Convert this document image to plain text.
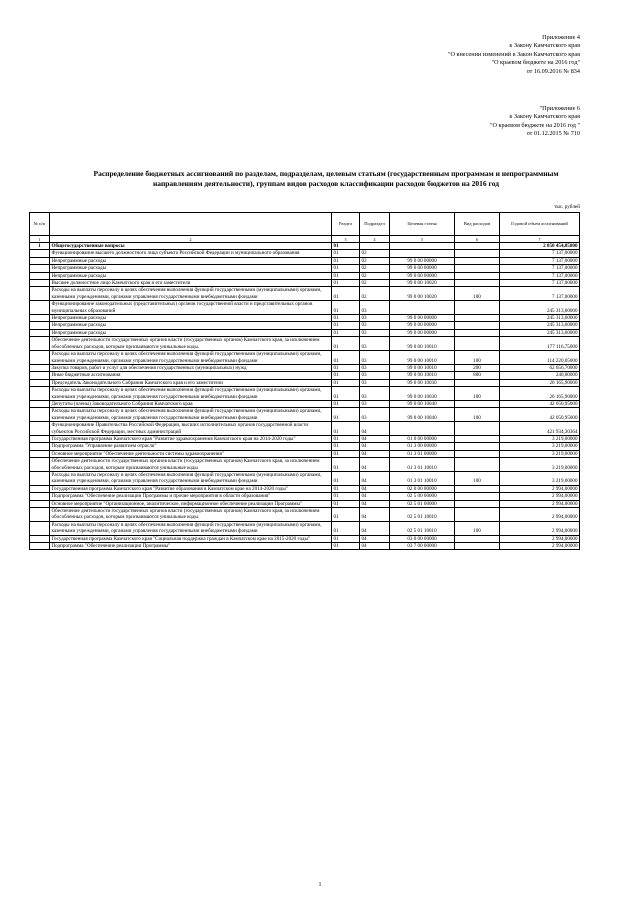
Приложение 4
к Закону Камчатского края
"О внесении изменений в Закон Камчатского края
"О краевом бюджете на 2016 год"
от 16.09.2016 № 834
"Приложение 6
к Закону Камчатского края
"О краевом бюджете на 2016 год "
от 01.12.2015 № 710
Распределение бюджетных ассигнований по разделам, подразделам, целевым статьям (государственным программам и непрограммным направлениям деятельности), группам видов расходов классификации расходов бюджетов на 2016 год
тыс. рублей
№ п/п		Раздел	Подраздел	Целевая статья	Вид расходов	Годовой объем ассигнований
1	2	3	4	5	6	7
1	Общегосударственные вопросы	01				2 050 454,85800
	Функционирование высшего должностного лица субъекта Российской Федерации и муниципального образования	01	02			7 137,00000
	Непрограммные расходы	01	02	99 0 00 00000		7 137,00000
	Непрограммные расходы	01	02	99 0 00 00000		7 137,00000
	Непрограммные расходы	01	02	99 0 00 00000		7 137,00000
	Высшее должностное лицо Камчатского края и его заместители	01	02	99 0 00 10020		7 137,00000
	Расходы на выплаты персоналу в целях обеспечения выполнения функций государственными (муниципальными) органами, казенными учреждениями, органами управления государственными внебюджетными фондами	01	02	99 0 00 10020	100	7 137,00000
	Функционирование законодательных (представительных) органов государственной власти и представительных органов муниципальных образований	01	03			245 313,60000
	Непрограммные расходы	01	03	99 0 00 00000		245 313,60000
	Непрограммные расходы	01	03	99 0 00 00000		245 313,60000
	Непрограммные расходы	01	03	99 0 00 00000		245 313,60000
	Обеспечение деятельности государственных органов власти (государственных органов) Камчатского края, за исключением обособленных расходов, которым присваиваются уникальные коды.	01	03	99 0 00 10010		177 116,75000
	Расходы на выплаты персоналу в целях обеспечения выполнения функций государственными (муниципальными) органами, казенными учреждениями, органами управления государственными внебюджетными фондами	01	03	99 0 00 10010	100	114 220,05000
	Закупка товаров, работ и услуг для обеспечения государственных (муниципальных) нужд	01	03	99 0 00 10010	200	62 656,70000
	Иные бюджетные ассигнования	01	03	99 0 00 10010	800	240,00000
	Председатель Законодательного Собрания Камчатского края и его заместители	01	03	99 0 00 10030		26 165,90000
	Расходы на выплаты персоналу в целях обеспечения выполнения функций государственными (муниципальными) органами, казенными учреждениями, органами управления государственными внебюджетными фондами	01	03	99 0 00 10030	100	26 165,90000
	Депутаты (члены) Законодательного Собрания Камчатского края	01	03	99 0 00 10040		42 050,95000
	Расходы на выплаты персоналу в целях обеспечения выполнения функций государственными (муниципальными) органами, казенными учреждениями, органами управления государственными внебюджетными фондами	01	03	99 0 00 10040	100	42 050,95000
	Функционирование Правительства Российской Федерации, высших исполнительных органов государственной власти субъектов Российской Федерации, местных администраций	01	04			421 934,30364
	Государственная программа Камчатского края "Развитие здравоохранения Камчатского края на 2014-2020 годы"	01	04	01 0 00 00000		3 219,00000
	Подпрограмма "Управление развитием отрасли"	01	04	01 3 00 00000		3 219,00000
	Основное мероприятие "Обеспечение деятельности системы здравоохранения"	01	04	01 3 01 00000		3 219,00000
	Обеспечение деятельности государственных органов власти (государственных органов) Камчатского края, за исключением обособленных расходов, которым присваиваются уникальные коды	01	04	01 3 01 10010		3 219,00000
	Расходы на выплаты персоналу в целях обеспечения выполнения функций государственными (муниципальными) органами, казенными учреждениями, органами управления государственными внебюджетными фондами	01	04	01 3 01 10010	100	3 219,00000
	Государственная программа Камчатского края "Развитие образования в Камчатском крае на 2014-2020 годы"	01	04	02 0 00 00000		2 994,00000
	Подпрограмма "Обеспечение реализации Программы и прочие мероприятия в области образования"	01	04	02 5 00 00000		2 994,00000
	Основное мероприятие "Организационное, аналитическое, информационное обеспечение реализации Программы"	01	04	02 5 01 00000		2 994,00000
	Обеспечение деятельности государственных органов власти (государственных органов) Камчатского края, за исключением обособленных расходов, которым присваиваются уникальные коды.	01	04	02 5 01 10010		2 994,00000
	Расходы на выплаты персоналу в целях обеспечения выполнения функций государственными (муниципальными) органами, казенными учреждениями, органами управления государственными внебюджетными фондами	01	04	02 5 01 10010	100	2 994,00000
	Государственная программа Камчатского края "Социальная поддержка граждан в Камчатском крае на 2015-2020 годы"	01	04	03 0 00 00000		2 994,00000
	Подпрограмма "Обеспечение реализации Программы"	01	04	03 7 00 00000		2 994,00000
1
